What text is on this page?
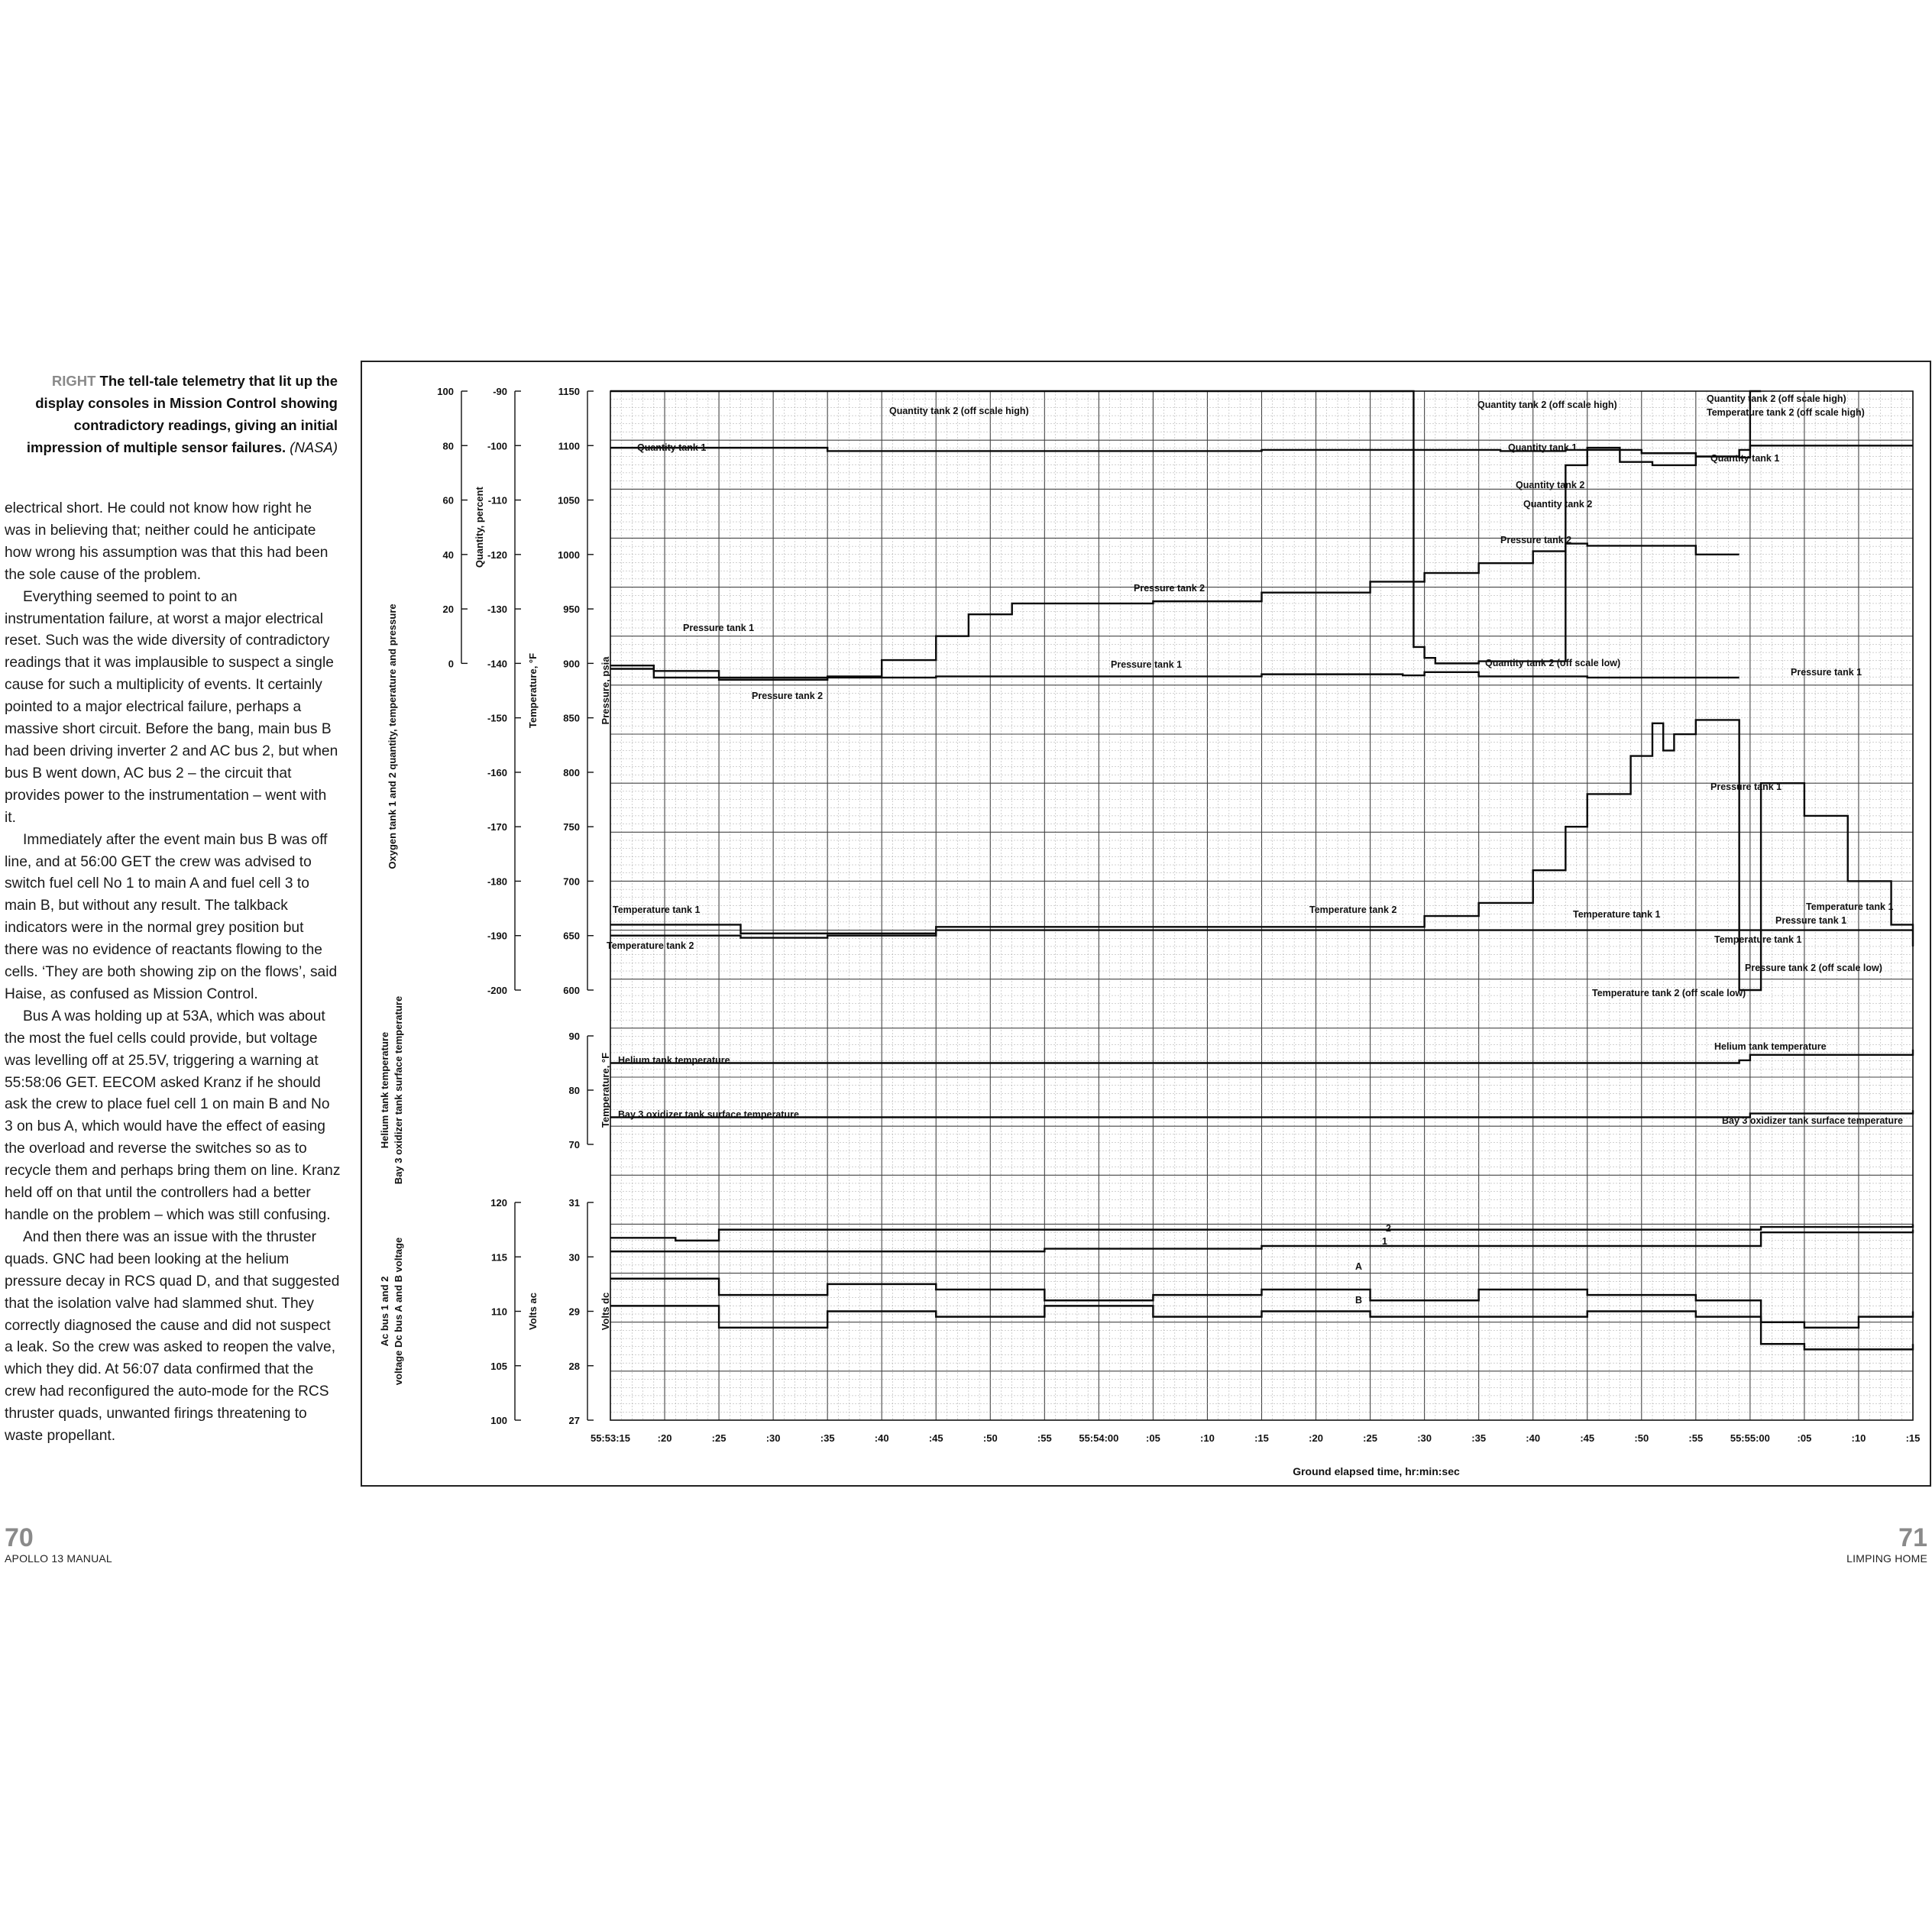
RIGHT The tell-tale telemetry that lit up the display consoles in Mission Control showing contradictory readings, giving an initial impression of multiple sensor failures. (NASA)

electrical short. He could not know how right he was in believing that; neither could he anticipate how wrong his assumption was that this had been the sole cause of the problem.

Everything seemed to point to an instrumentation failure, at worst a major electrical reset. Such was the wide diversity of contradictory readings that it was implausible to suspect a single cause for such a multiplicity of events. It certainly pointed to a major electrical failure, perhaps a massive short circuit. Before the bang, main bus B had been driving inverter 2 and AC bus 2, but when bus B went down, AC bus 2 – the circuit that provides power to the instrumentation – went with it.

Immediately after the event main bus B was off line, and at 56:00 GET the crew was advised to switch fuel cell No 1 to main A and fuel cell 3 to main B, but without any result. The talkback indicators were in the normal grey position but there was no evidence of reactants flowing to the cells. ‘They are both showing zip on the flows’, said Haise, as confused as Mission Control.

Bus A was holding up at 53A, which was about the most the fuel cells could provide, but voltage was levelling off at 25.5V, triggering a warning at 55:58:06 GET. EECOM asked Kranz if he should ask the crew to place fuel cell 1 on main B and No 3 on bus A, which would have the effect of easing the overload and reverse the switches so as to recycle them and perhaps bring them on line. Kranz held off on that until the controllers had a better handle on the problem – which was still confusing.

And then there was an issue with the thruster quads. GNC had been looking at the helium pressure decay in RCS quad D, and that suggested that the isolation valve had slammed shut. They correctly diagnosed the cause and did not suspect a leak. So the crew was asked to reopen the valve, which they did. At 56:07 data confirmed that the crew had reconfigured the auto-mode for the RCS thruster quads, unwanted firings threatening to waste propellant.

70
APOLLO 13 MANUAL
71
LIMPING HOME
100
80
60
40
20
0
Quantity, percent
-90
-100
-110
-120
-130
-140
-150
-160
-170
-180
-190
-200
Temperature, °F
1150
1100
1050
1000
950
900
850
800
750
700
650
600
Pressure, psia
Oxygen tank 1 and 2 quantity, temperature and pressure
90
80
70
Temperature, °F
Helium tank temperature Bay 3 oxidizer tank surface temperature
120
115
110
105
100
Volts ac
31
30
29
28
27
Volts dc
Ac bus 1 and 2 voltage Dc bus A and B voltage
55:53:15	:20	:25	:30	:35	:40	:45	:50	:55	55:54:00	:05	:10	:15	:20	:25	:30	:35	:40	:45	:50	:55	55:55:00	:05	:10	:15
Ground elapsed time, hr:min:sec
Quantity tank 2 (off scale high)
Quantity tank 2 (off scale high)
Quantity tank 2 (off scale high)
Temperature tank 2 (off scale high)
Quantity tank 1	Quantity tank 1
Quantity tank 1
Quantity tank 2
Quantity tank 2
Pressure tank 2
Pressure tank 2
Pressure tank 2
Pressure tank 1
Pressure tank 1
Pressure tank 1
Pressure tank 1
Pressure tank 1
Quantity tank 2 (off scale low)
Temperature tank 1	Temperature tank 1
Temperature tank 1
Temperature tank 1
Temperature tank 2
Temperature tank 2
Pressure tank 2 (off scale low)
Temperature tank 2 (off scale low)
Helium tank temperature
Helium tank temperature
Bay 3 oxidizer tank surface temperature
Bay 3 oxidizer tank surface temperature
1
2
A
B
